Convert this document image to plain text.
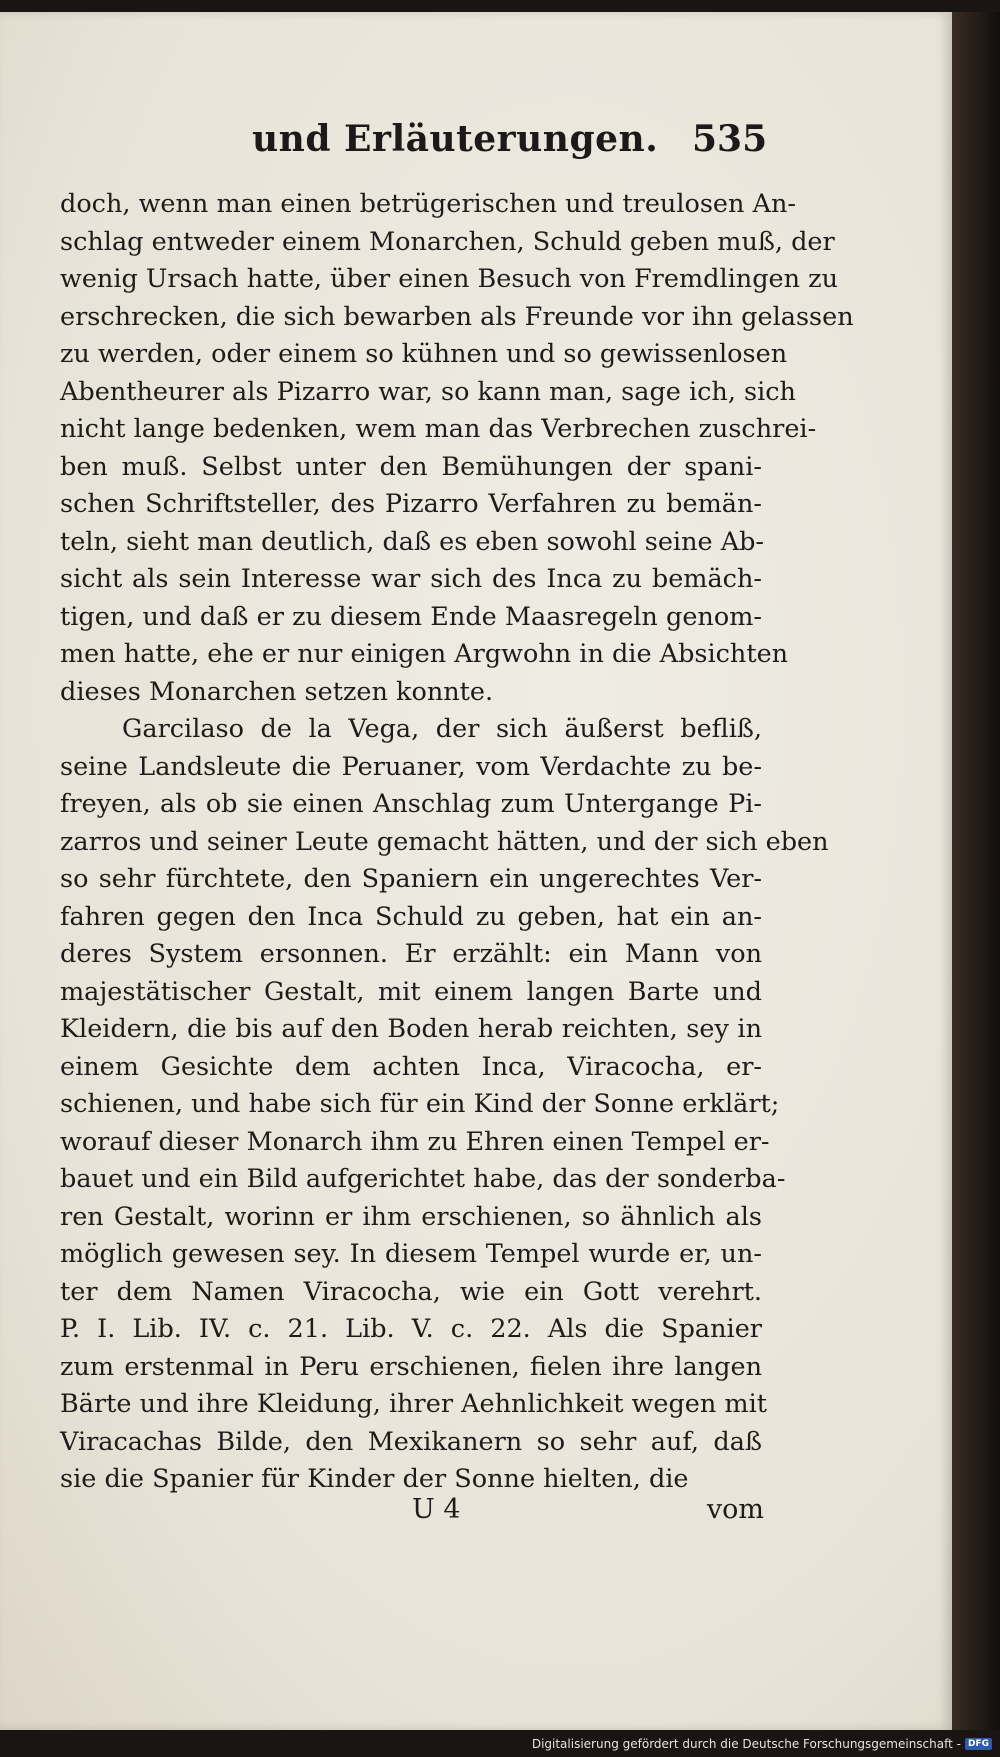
und Erläuterungen. 535
doch, wenn man einen betrügerischen und treulosen An-
schlag entweder einem Monarchen, Schuld geben muß, der
wenig Ursach hatte, über einen Besuch von Fremdlingen zu
erschrecken, die sich bewarben als Freunde vor ihn gelassen
zu werden, oder einem so kühnen und so gewissenlosen
Abentheurer als Pizarro war, so kann man, sage ich, sich
nicht lange bedenken, wem man das Verbrechen zuschrei-
ben muß. Selbst unter den Bemühungen der spani-
schen Schriftsteller, des Pizarro Verfahren zu bemän-
teln, sieht man deutlich, daß es eben sowohl seine Ab-
sicht als sein Interesse war sich des Inca zu bemäch-
tigen, und daß er zu diesem Ende Maasregeln genom-
men hatte, ehe er nur einigen Argwohn in die Absichten
dieses Monarchen setzen konnte.
Garcilaso de la Vega, der sich äußerst befliß,
seine Landsleute die Peruaner, vom Verdachte zu be-
freyen, als ob sie einen Anschlag zum Untergange Pi-
zarros und seiner Leute gemacht hätten, und der sich eben
so sehr fürchtete, den Spaniern ein ungerechtes Ver-
fahren gegen den Inca Schuld zu geben, hat ein an-
deres System ersonnen. Er erzählt: ein Mann von
majestätischer Gestalt, mit einem langen Barte und
Kleidern, die bis auf den Boden herab reichten, sey in
einem Gesichte dem achten Inca, Viracocha, er-
schienen, und habe sich für ein Kind der Sonne erklärt;
worauf dieser Monarch ihm zu Ehren einen Tempel er-
bauet und ein Bild aufgerichtet habe, das der sonderba-
ren Gestalt, worinn er ihm erschienen, so ähnlich als
möglich gewesen sey. In diesem Tempel wurde er, un-
ter dem Namen Viracocha, wie ein Gott verehrt.
P. I. Lib. IV. c. 21. Lib. V. c. 22. Als die Spanier
zum erstenmal in Peru erschienen, fielen ihre langen
Bärte und ihre Kleidung, ihrer Aehnlichkeit wegen mit
Viracachas Bilde, den Mexikanern so sehr auf, daß
sie die Spanier für Kinder der Sonne hielten, die
U 4	vom
Digitalisierung gefördert durch die Deutsche Forschungsgemeinschaft - DFG
